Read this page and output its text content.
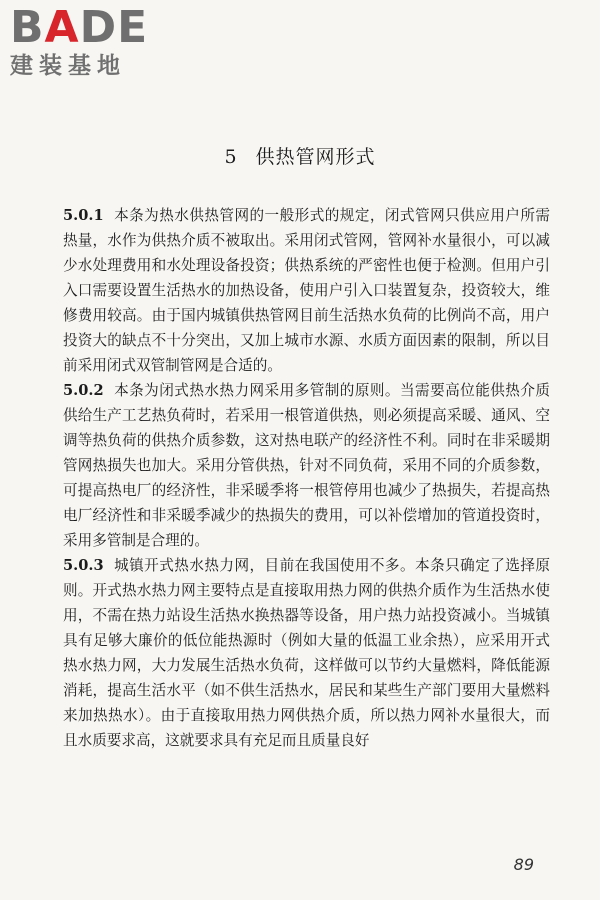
BADE
建装基地
5 供热管网形式

5.0.1 本条为热水供热管网的一般形式的规定，闭式管网只供应用户所需热量，水作为供热介质不被取出。采用闭式管网，管网补水量很小，可以减少水处理费用和水处理设备投资；供热系统的严密性也便于检测。但用户引入口需要设置生活热水的加热设备，使用户引入口装置复杂，投资较大，维修费用较高。由于国内城镇供热管网目前生活热水负荷的比例尚不高，用户投资大的缺点不十分突出，又加上城市水源、水质方面因素的限制，所以目前采用闭式双管制管网是合适的。

5.0.2 本条为闭式热水热力网采用多管制的原则。当需要高位能供热介质供给生产工艺热负荷时，若采用一根管道供热，则必须提高采暖、通风、空调等热负荷的供热介质参数，这对热电联产的经济性不利。同时在非采暖期管网热损失也加大。采用分管供热，针对不同负荷，采用不同的介质参数，可提高热电厂的经济性，非采暖季将一根管停用也减少了热损失，若提高热电厂经济性和非采暖季减少的热损失的费用，可以补偿增加的管道投资时，采用多管制是合理的。

5.0.3 城镇开式热水热力网，目前在我国使用不多。本条只确定了选择原则。开式热水热力网主要特点是直接取用热力网的供热介质作为生活热水使用，不需在热力站设生活热水换热器等设备，用户热力站投资减小。当城镇具有足够大廉价的低位能热源时（例如大量的低温工业余热），应采用开式热水热力网，大力发展生活热水负荷，这样做可以节约大量燃料，降低能源消耗，提高生活水平（如不供生活热水，居民和某些生产部门要用大量燃料来加热热水）。由于直接取用热力网供热介质，所以热力网补水量很大，而且水质要求高，这就要求具有充足而且质量良好

89
